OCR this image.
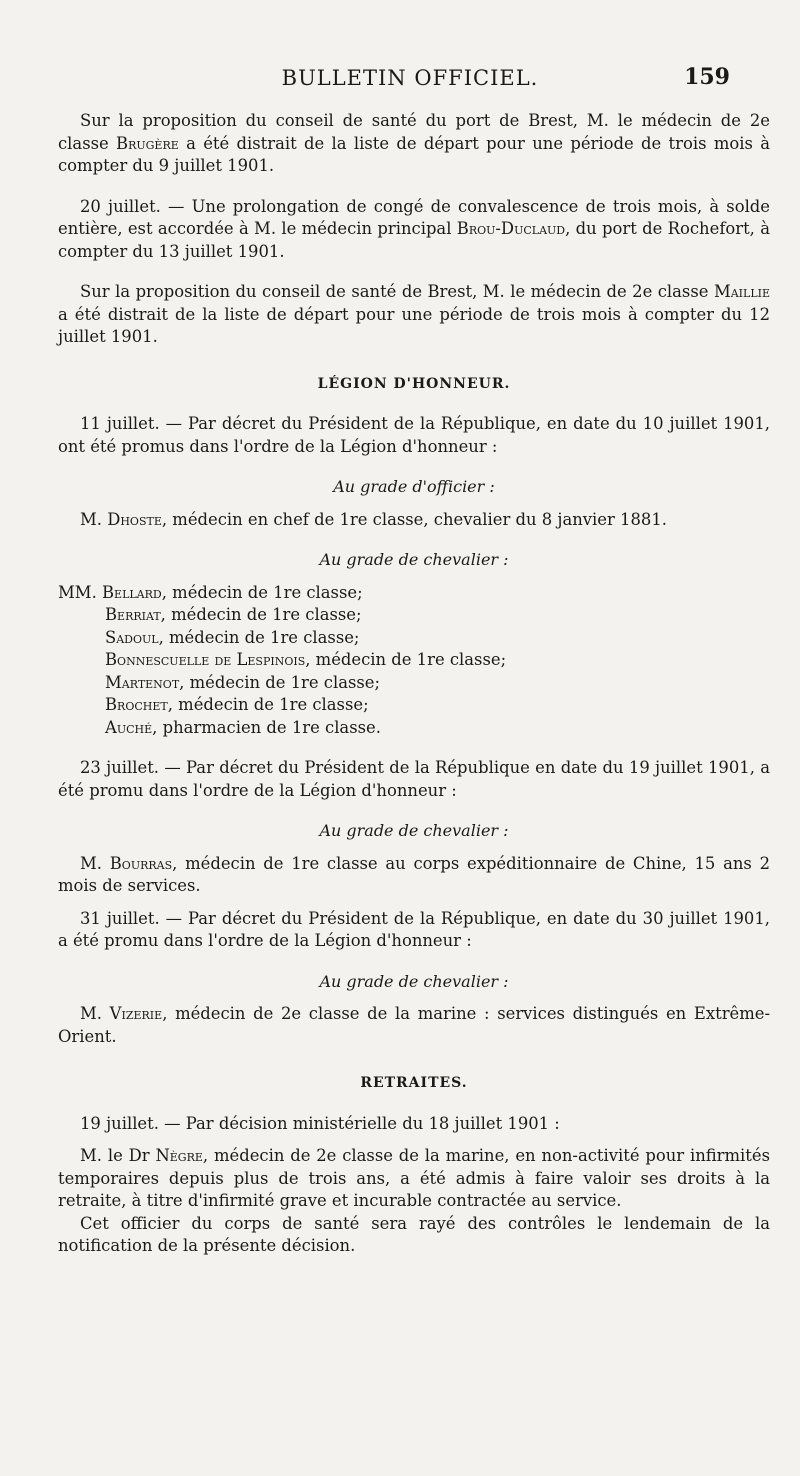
BULLETIN OFFICIEL.	159

Sur la proposition du conseil de santé du port de Brest, M. le médecin de 2e classe Brugère a été distrait de la liste de départ pour une période de trois mois à compter du 9 juillet 1901.

20 juillet. — Une prolongation de congé de convalescence de trois mois, à solde entière, est accordée à M. le médecin principal Brou-Duclaud, du port de Rochefort, à compter du 13 juillet 1901.

Sur la proposition du conseil de santé de Brest, M. le médecin de 2e classe Maillie a été distrait de la liste de départ pour une période de trois mois à compter du 12 juillet 1901.

LÉGION D'HONNEUR.

11 juillet. — Par décret du Président de la République, en date du 10 juillet 1901, ont été promus dans l'ordre de la Légion d'honneur :

Au grade d'officier :

M. Dhoste, médecin en chef de 1re classe, chevalier du 8 janvier 1881.

Au grade de chevalier :

MM. Bellard, médecin de 1re classe;
Berriat, médecin de 1re classe;
Sadoul, médecin de 1re classe;
Bonnescuelle de Lespinois, médecin de 1re classe;
Martenot, médecin de 1re classe;
Brochet, médecin de 1re classe;
Auché, pharmacien de 1re classe.

23 juillet. — Par décret du Président de la République en date du 19 juillet 1901, a été promu dans l'ordre de la Légion d'honneur :

Au grade de chevalier :

M. Bourras, médecin de 1re classe au corps expéditionnaire de Chine, 15 ans 2 mois de services.

31 juillet. — Par décret du Président de la République, en date du 30 juillet 1901, a été promu dans l'ordre de la Légion d'honneur :

Au grade de chevalier :

M. Vizerie, médecin de 2e classe de la marine : services distingués en Extrême-Orient.

RETRAITES.

19 juillet. — Par décision ministérielle du 18 juillet 1901 :

M. le Dr Nègre, médecin de 2e classe de la marine, en non-activité pour infirmités temporaires depuis plus de trois ans, a été admis à faire valoir ses droits à la retraite, à titre d'infirmité grave et incurable contractée au service.

Cet officier du corps de santé sera rayé des contrôles le lendemain de la notification de la présente décision.
